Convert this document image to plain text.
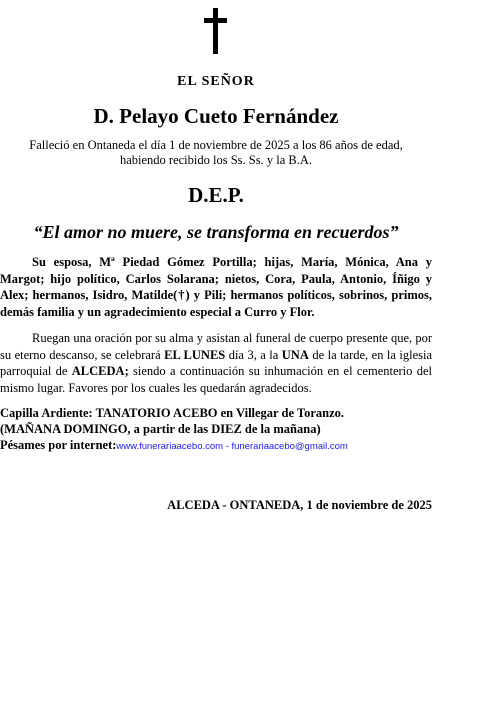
EL SEÑOR
D. Pelayo Cueto Fernández
Falleció en Ontaneda el día 1 de noviembre de 2025 a los 86 años de edad,
habiendo recibido los Ss. Ss. y la B.A.
D.E.P.
“El amor no muere, se transforma en recuerdos”
Su esposa, Mª Piedad Gómez Portilla; hijas, María, Mónica, Ana y Margot; hijo político, Carlos Solarana; nietos, Cora, Paula, Antonio, Íñigo y Alex; hermanos, Isidro, Matilde(†) y Pili; hermanos políticos, sobrinos, primos, demás familia y un agradecimiento especial a Curro y Flor.
Ruegan una oración por su alma y asistan al funeral de cuerpo presente que, por su eterno descanso, se celebrará EL LUNES día 3, a la UNA de la tarde, en la iglesia parroquial de ALCEDA; siendo a continuación su inhumación en el cementerio del mismo lugar. Favores por los cuales les quedarán agradecidos.
Capilla Ardiente: TANATORIO ACEBO en Villegar de Toranzo.
(MAÑANA DOMINGO, a partir de las DIEZ de la mañana)
Pésames por internet:www.funerariaacebo.com - funerariaacebo@gmail.com
ALCEDA - ONTANEDA, 1 de noviembre de 2025
